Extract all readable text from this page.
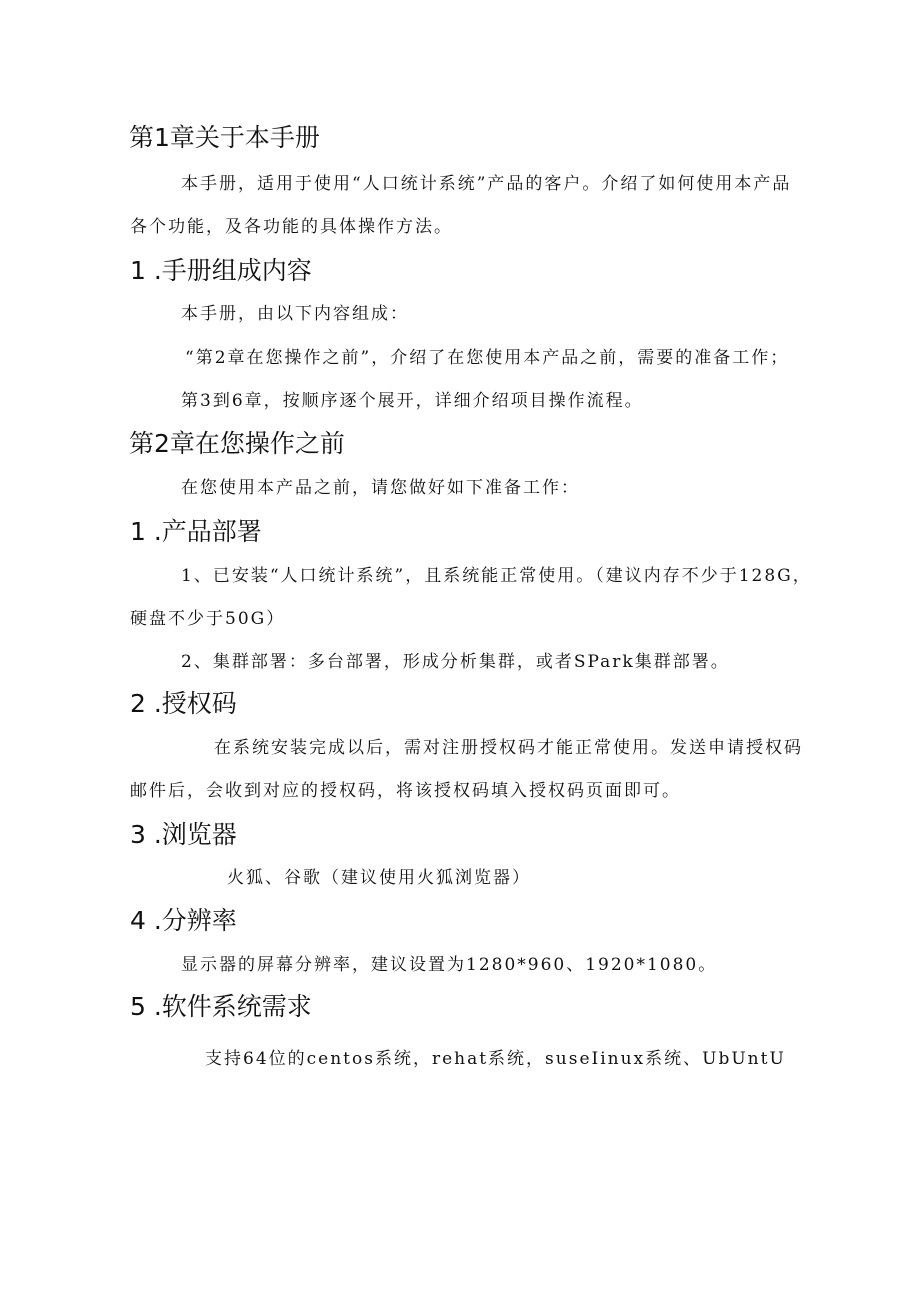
第1章关于本手册
本手册，适用于使用“人口统计系统”产品的客户。介绍了如何使用本产品
各个功能，及各功能的具体操作方法。
1 .手册组成内容
本手册，由以下内容组成：
“第2章在您操作之前”，介绍了在您使用本产品之前，需要的准备工作；
第3到6章，按顺序逐个展开，详细介绍项目操作流程。
第2章在您操作之前
在您使用本产品之前，请您做好如下准备工作：
1 .产品部署
1、已安装“人口统计系统”，且系统能正常使用。（建议内存不少于128G，
硬盘不少于50G）
2、集群部署：多台部署，形成分析集群，或者SPark集群部署。
2 .授权码
在系统安装完成以后，需对注册授权码才能正常使用。发送申请授权码
邮件后，会收到对应的授权码，将该授权码填入授权码页面即可。
3 .浏览器
火狐、谷歌（建议使用火狐浏览器）
4 .分辨率
显示器的屏幕分辨率，建议设置为1280*960、1920*1080。
5 .软件系统需求
支持64位的centos系统，rehat系统，suseIinux系统、UbUntU
